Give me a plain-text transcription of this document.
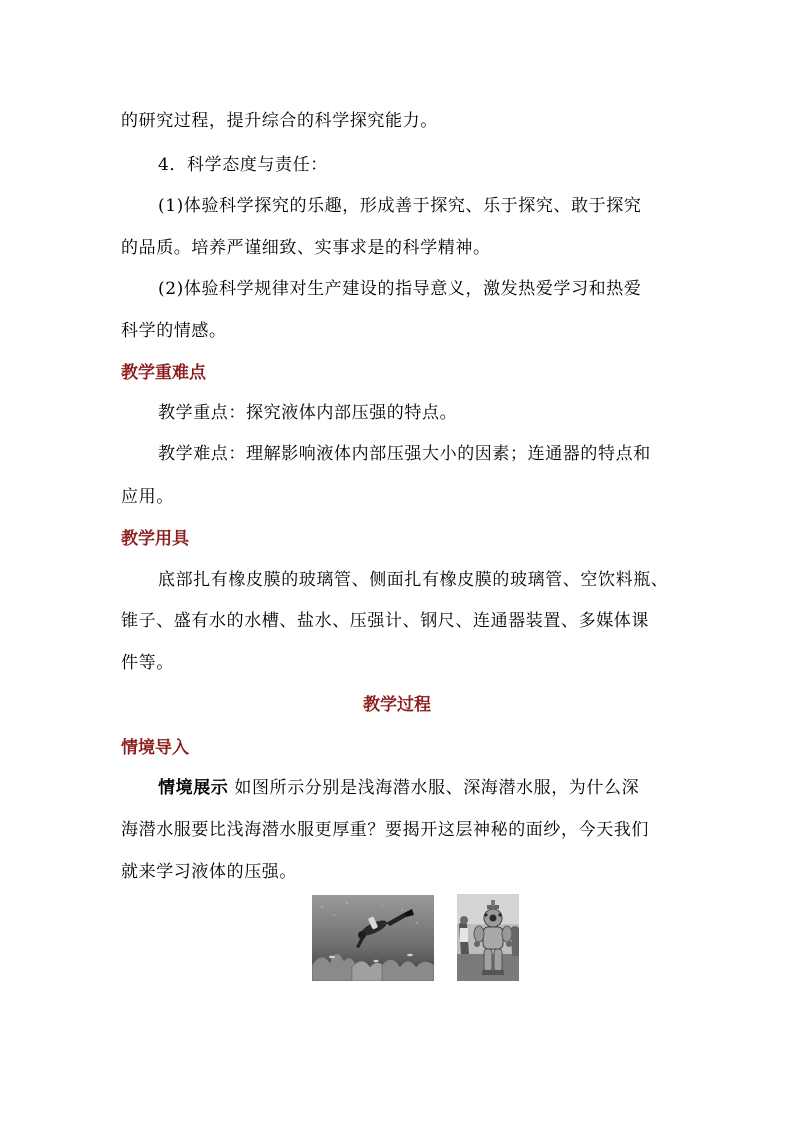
的研究过程，提升综合的科学探究能力。
4．科学态度与责任：
(1)体验科学探究的乐趣，形成善于探究、乐于探究、敢于探究
的品质。培养严谨细致、实事求是的科学精神。
(2)体验科学规律对生产建设的指导意义，激发热爱学习和热爱
科学的情感。
教学重难点
教学重点：探究液体内部压强的特点。
教学难点：理解影响液体内部压强大小的因素；连通器的特点和
应用。
教学用具
底部扎有橡皮膜的玻璃管、侧面扎有橡皮膜的玻璃管、空饮料瓶、
锥子、盛有水的水槽、盐水、压强计、钢尺、连通器装置、多媒体课
件等。
教学过程
情境导入
情境展示 如图所示分别是浅海潜水服、深海潜水服，为什么深
海潜水服要比浅海潜水服更厚重？要揭开这层神秘的面纱，今天我们
就来学习液体的压强。
